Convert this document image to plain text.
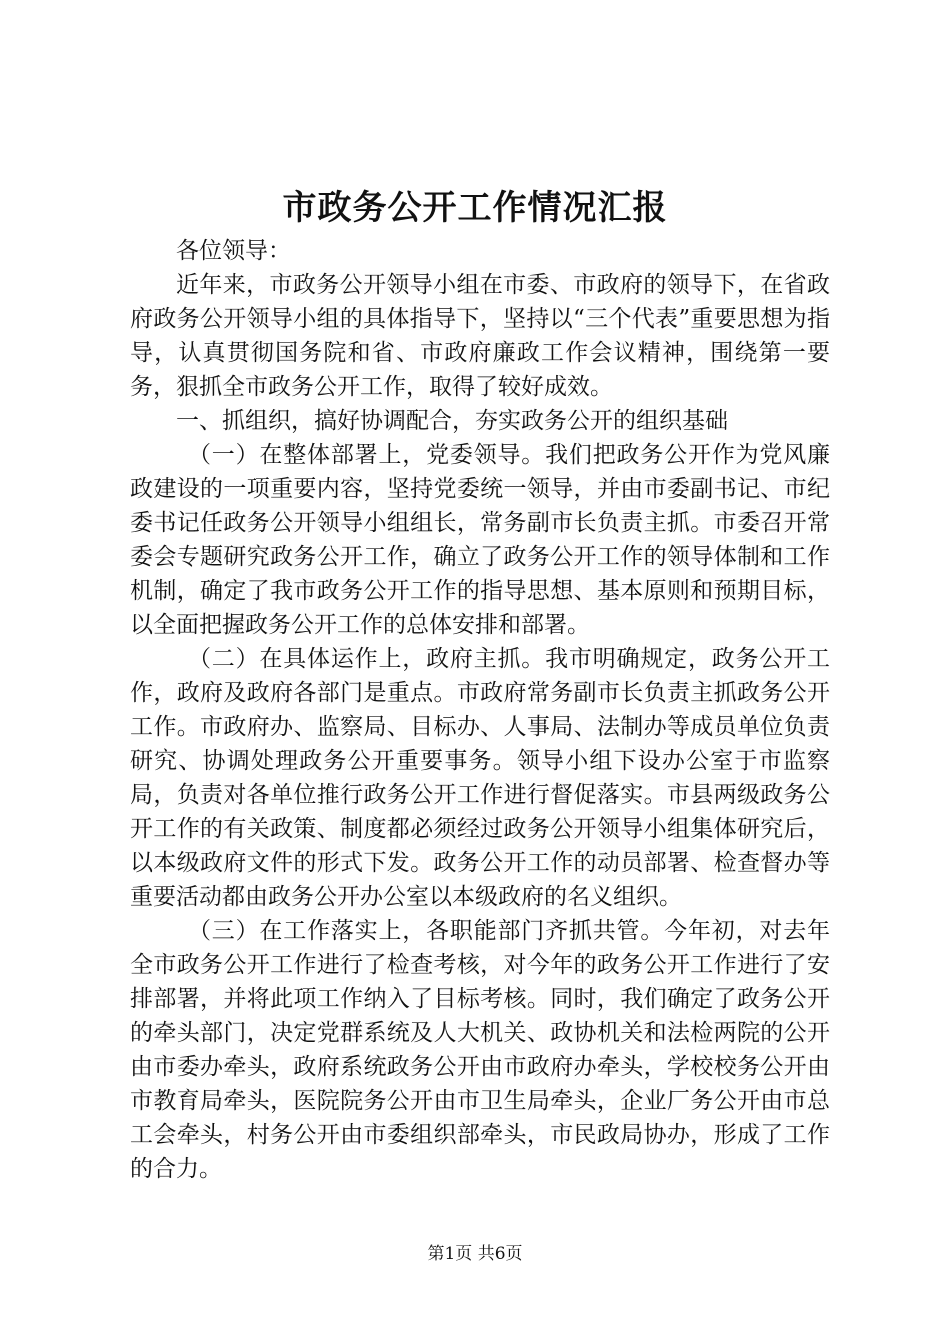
市政务公开工作情况汇报

各位领导：

近年来，市政务公开领导小组在市委、市政府的领导下，在省政府政务公开领导小组的具体指导下，坚持以“三个代表”重要思想为指导，认真贯彻国务院和省、市政府廉政工作会议精神，围绕第一要务，狠抓全市政务公开工作，取得了较好成效。

一、抓组织，搞好协调配合，夯实政务公开的组织基础

（一）在整体部署上，党委领导。我们把政务公开作为党风廉政建设的一项重要内容，坚持党委统一领导，并由市委副书记、市纪委书记任政务公开领导小组组长，常务副市长负责主抓。市委召开常委会专题研究政务公开工作，确立了政务公开工作的领导体制和工作机制，确定了我市政务公开工作的指导思想、基本原则和预期目标，以全面把握政务公开工作的总体安排和部署。

（二）在具体运作上，政府主抓。我市明确规定，政务公开工作，政府及政府各部门是重点。市政府常务副市长负责主抓政务公开工作。市政府办、监察局、目标办、人事局、法制办等成员单位负责研究、协调处理政务公开重要事务。领导小组下设办公室于市监察局，负责对各单位推行政务公开工作进行督促落实。市县两级政务公开工作的有关政策、制度都必须经过政务公开领导小组集体研究后，以本级政府文件的形式下发。政务公开工作的动员部署、检查督办等重要活动都由政务公开办公室以本级政府的名义组织。

（三）在工作落实上，各职能部门齐抓共管。今年初，对去年全市政务公开工作进行了检查考核，对今年的政务公开工作进行了安排部署，并将此项工作纳入了目标考核。同时，我们确定了政务公开的牵头部门，决定党群系统及人大机关、政协机关和法检两院的公开由市委办牵头，政府系统政务公开由市政府办牵头，学校校务公开由市教育局牵头，医院院务公开由市卫生局牵头，企业厂务公开由市总工会牵头，村务公开由市委组织部牵头，市民政局协办，形成了工作的合力。

第1页 共6页
